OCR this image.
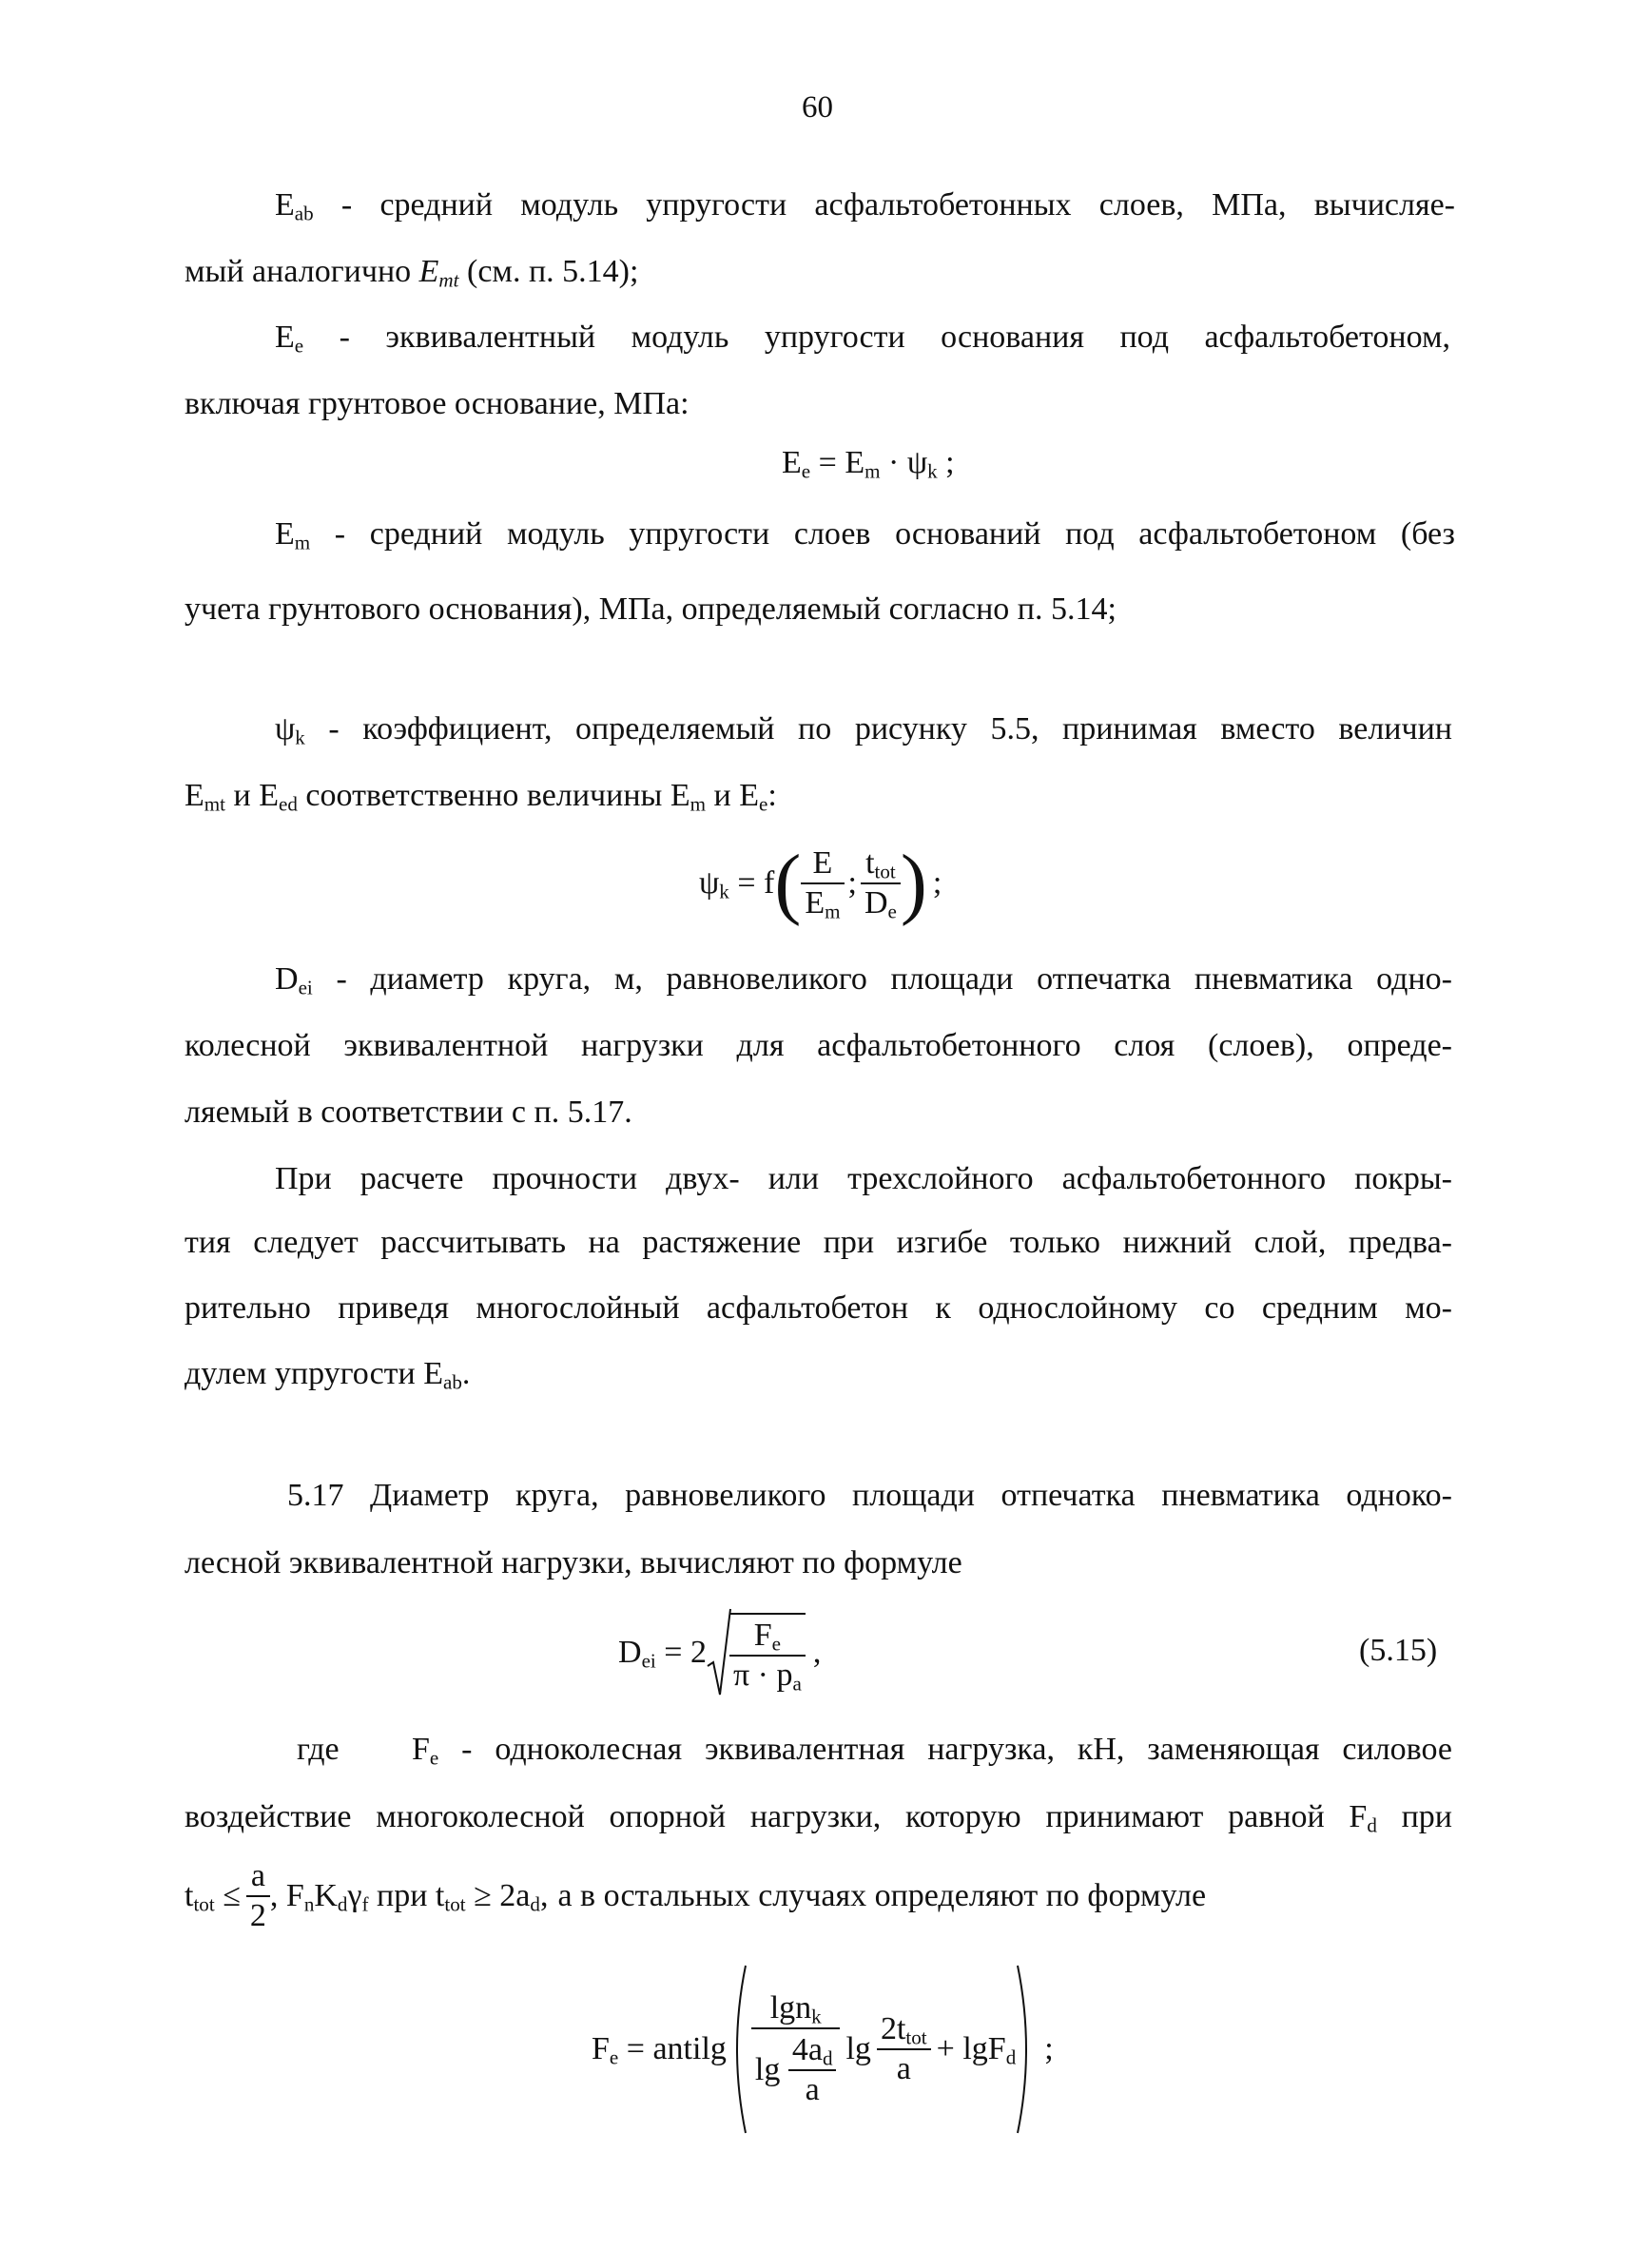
60
$E_{ab}$ - средний модуль упругости асфальтобетонных слоев, МПа, вычисляе-
мый аналогично $E_{mt}$ (см. п. 5.14);
$E_e$ - эквивалентный модуль упругости основания под асфальтобетоном,
включая грунтовое основание, МПа:
$E_e = E_m \cdot \psi_k$ ;
$E_m$ - средний модуль упругости слоев оснований под асфальтобетоном (без
учета грунтового основания), МПа, определяемый согласно п. 5.14;
$\psi_k$ - коэффициент, определяемый по рисунку 5.5, принимая вместо величин
$E_{mt}$ и $E_{ed}$ соответственно величины $E_m$ и $E_e$:
$\psi_k = f( \frac{E}{E_m}$ ; $\frac{t_{tot}}{D_e}$ ) ;
$D_{ei}$ - диаметр круга, м, равновеликого площади отпечатка пневматика одно-
колесной эквивалентной нагрузки для асфальтобетонного слоя (слоев), опреде-
ляемый в соответствии с п. 5.17.
При расчете прочности двух- или трехслойного асфальтобетонного покры-
тия следует рассчитывать на растяжение при изгибе только нижний слой, предва-
рительно приведя многослойный асфальтобетон к однослойному со средним мо-
дулем упругости $E_{ab}$.
5.17 Диаметр круга, равновеликого площади отпечатка пневматика одноко-
лесной эквивалентной нагрузки, вычисляют по формуле
$D_{ei} = 2 \frac{F_e}{\pi \cdot p_a}$ ,	(5.15)
где $F_e$ - одноколесная эквивалентная нагрузка, кН, заменяющая силовое
воздействие многоколесной опорной нагрузки, которую принимают равной $F_d$ при
$t_{tot} \le \frac{a}{2}$ , $F_nK_d\gamma_f$ при $t_{tot} \ge 2a_d$, а в остальных случаях определяют по формуле
$F_e$ = antilg $\frac{\lg n_k}{\lg \frac{4a_d}{a}}$ $\lg \frac{2t_{tot}}{a} + \lg F_d$ ;
